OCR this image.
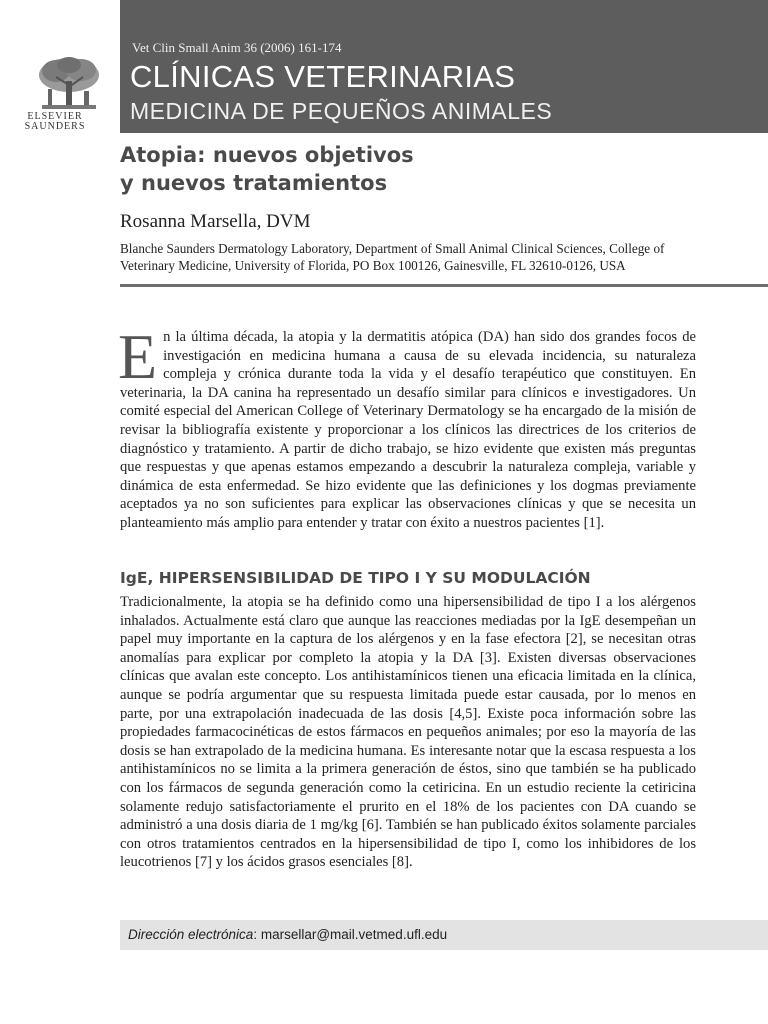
ELSEVIER
SAUNDERS
Vet Clin Small Anim 36 (2006) 161-174
CLÍNICAS VETERINARIAS
MEDICINA DE PEQUEÑOS ANIMALES
Atopia: nuevos objetivos
y nuevos tratamientos
Rosanna Marsella, DVM
Blanche Saunders Dermatology Laboratory, Department of Small Animal Clinical Sciences, College of Veterinary Medicine, University of Florida, PO Box 100126, Gainesville, FL 32610-0126, USA
En la última década, la atopia y la dermatitis atópica (DA) han sido dos grandes focos de investigación en medicina humana a causa de su elevada incidencia, su naturaleza compleja y crónica durante toda la vida y el desafío terapéutico que constituyen. En veterinaria, la DA canina ha representado un desafío similar para clínicos e investigadores. Un comité especial del American College of Veterinary Dermatology se ha encargado de la misión de revisar la bibliografía existente y proporcionar a los clínicos las directrices de los criterios de diagnóstico y tratamiento. A partir de dicho trabajo, se hizo evidente que existen más preguntas que respuestas y que apenas estamos empezando a descubrir la naturaleza compleja, variable y dinámica de esta enfermedad. Se hizo evidente que las definiciones y los dogmas previamente aceptados ya no son suficientes para explicar las observaciones clínicas y que se necesita un planteamiento más amplio para entender y tratar con éxito a nuestros pacientes [1].
IgE, HIPERSENSIBILIDAD DE TIPO I Y SU MODULACIÓN
Tradicionalmente, la atopia se ha definido como una hipersensibilidad de tipo I a los alérgenos inhalados. Actualmente está claro que aunque las reacciones mediadas por la IgE desempeñan un papel muy importante en la captura de los alérgenos y en la fase efectora [2], se necesitan otras anomalías para explicar por completo la atopia y la DA [3]. Existen diversas observaciones clínicas que avalan este concepto. Los antihistamínicos tienen una eficacia limitada en la clínica, aunque se podría argumentar que su respuesta limitada puede estar causada, por lo menos en parte, por una extrapolación inadecuada de las dosis [4,5]. Existe poca información sobre las propiedades farmacocinéticas de estos fármacos en pequeños animales; por eso la mayoría de las dosis se han extrapolado de la medicina humana. Es interesante notar que la escasa respuesta a los antihistamínicos no se limita a la primera generación de éstos, sino que también se ha publicado con los fármacos de segunda generación como la cetiricina. En un estudio reciente la cetiricina solamente redujo satisfactoriamente el prurito en el 18% de los pacientes con DA cuando se administró a una dosis diaria de 1 mg/kg [6]. También se han publicado éxitos solamente parciales con otros tratamientos centrados en la hipersensibilidad de tipo I, como los inhibidores de los leucotrienos [7] y los ácidos grasos esenciales [8].
Dirección electrónica: marsellar@mail.vetmed.ufl.edu
